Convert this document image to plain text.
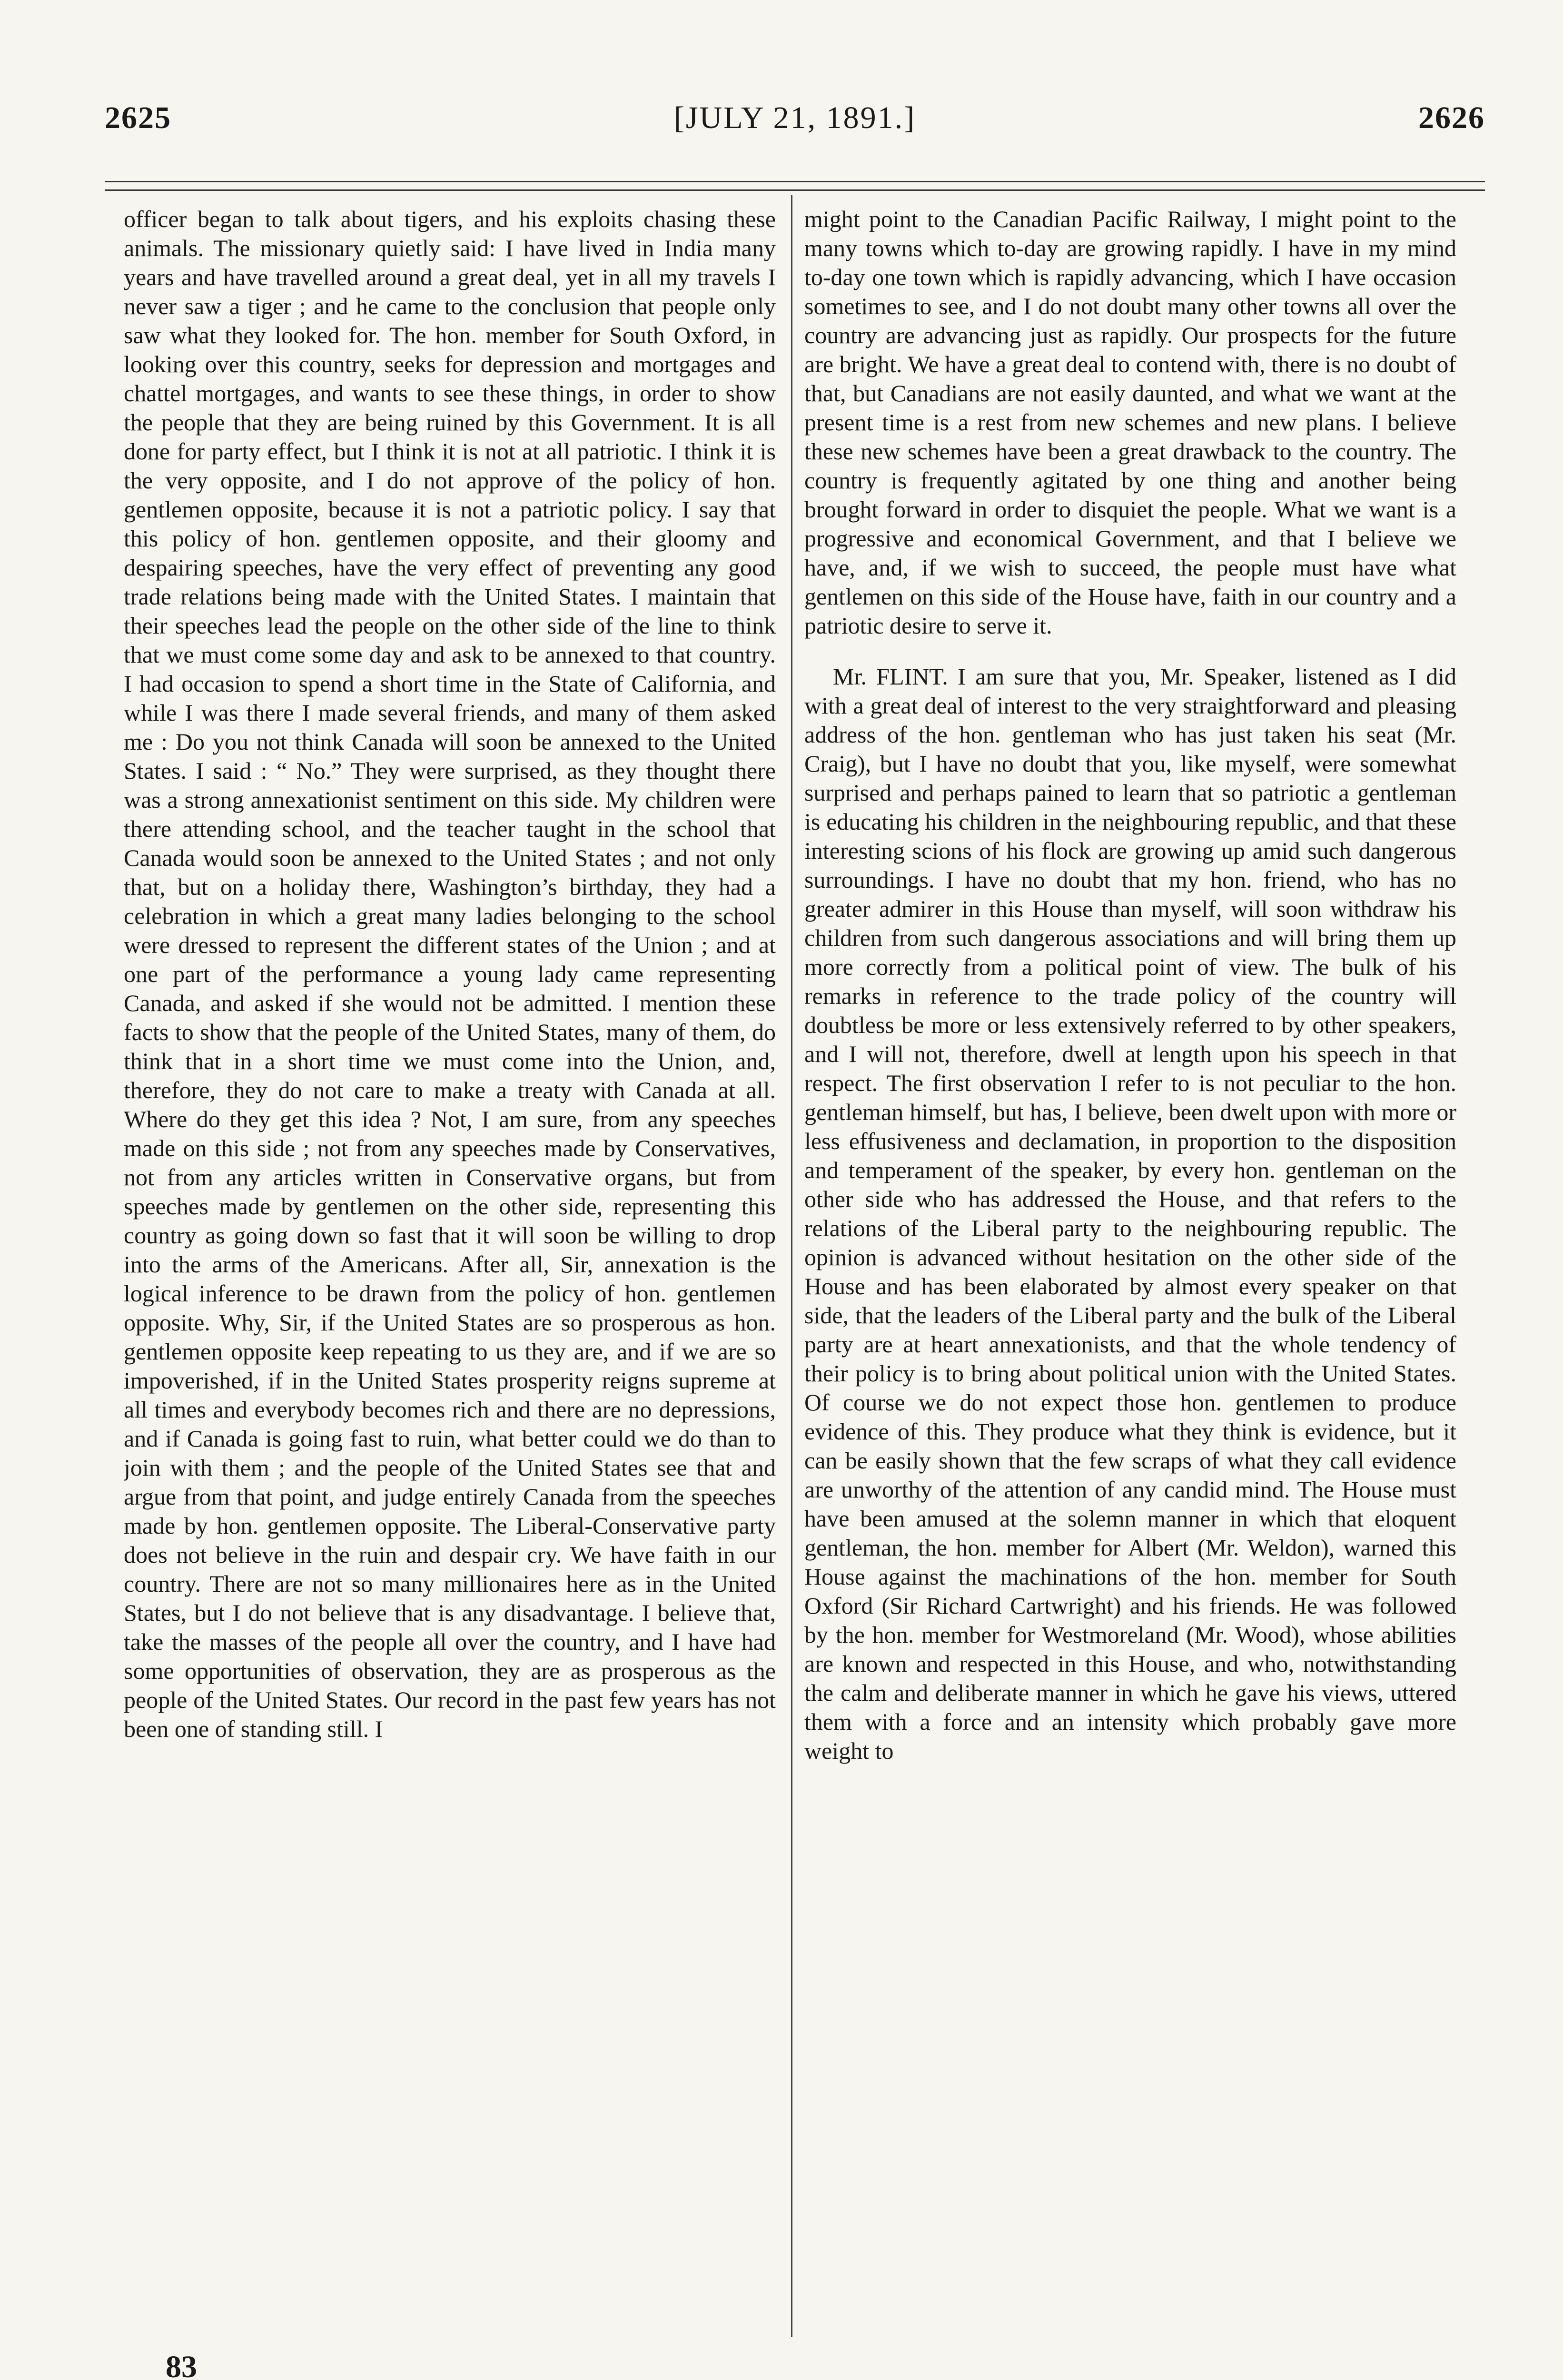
2625	[JULY 21, 1891.]	2626

officer began to talk about tigers, and his exploits chasing these animals. The missionary quietly said: I have lived in India many years and have travelled around a great deal, yet in all my travels I never saw a tiger ; and he came to the conclusion that people only saw what they looked for. The hon. member for South Oxford, in looking over this country, seeks for depression and mortgages and chattel mortgages, and wants to see these things, in order to show the people that they are being ruined by this Government. It is all done for party effect, but I think it is not at all patriotic. I think it is the very opposite, and I do not approve of the policy of hon. gentlemen opposite, because it is not a patriotic policy. I say that this policy of hon. gentlemen opposite, and their gloomy and despairing speeches, have the very effect of preventing any good trade relations being made with the United States. I maintain that their speeches lead the people on the other side of the line to think that we must come some day and ask to be annexed to that country. I had occasion to spend a short time in the State of California, and while I was there I made several friends, and many of them asked me : Do you not think Canada will soon be annexed to the United States. I said : “ No.” They were surprised, as they thought there was a strong annexationist sentiment on this side. My children were there attending school, and the teacher taught in the school that Canada would soon be annexed to the United States ; and not only that, but on a holiday there, Washington’s birthday, they had a celebration in which a great many ladies belonging to the school were dressed to represent the different states of the Union ; and at one part of the performance a young lady came representing Canada, and asked if she would not be admitted. I mention these facts to show that the people of the United States, many of them, do think that in a short time we must come into the Union, and, therefore, they do not care to make a treaty with Canada at all. Where do they get this idea ? Not, I am sure, from any speeches made on this side ; not from any speeches made by Conservatives, not from any articles written in Conservative organs, but from speeches made by gentlemen on the other side, representing this country as going down so fast that it will soon be willing to drop into the arms of the Americans. After all, Sir, annexation is the logical inference to be drawn from the policy of hon. gentlemen opposite. Why, Sir, if the United States are so prosperous as hon. gentlemen opposite keep repeating to us they are, and if we are so impoverished, if in the United States prosperity reigns supreme at all times and everybody becomes rich and there are no depressions, and if Canada is going fast to ruin, what better could we do than to join with them ; and the people of the United States see that and argue from that point, and judge entirely Canada from the speeches made by hon. gentlemen opposite. The Liberal-Conservative party does not believe in the ruin and despair cry. We have faith in our country. There are not so many millionaires here as in the United States, but I do not believe that is any disadvantage. I believe that, take the masses of the people all over the country, and I have had some opportunities of observation, they are as prosperous as the people of the United States. Our record in the past few years has not been one of standing still. I

might point to the Canadian Pacific Railway, I might point to the many towns which to-day are growing rapidly. I have in my mind to-day one town which is rapidly advancing, which I have occasion sometimes to see, and I do not doubt many other towns all over the country are advancing just as rapidly. Our prospects for the future are bright. We have a great deal to contend with, there is no doubt of that, but Canadians are not easily daunted, and what we want at the present time is a rest from new schemes and new plans. I believe these new schemes have been a great drawback to the country. The country is frequently agitated by one thing and another being brought forward in order to disquiet the people. What we want is a progressive and economical Government, and that I believe we have, and, if we wish to succeed, the people must have what gentlemen on this side of the House have, faith in our country and a patriotic desire to serve it.

Mr. FLINT. I am sure that you, Mr. Speaker, listened as I did with a great deal of interest to the very straightforward and pleasing address of the hon. gentleman who has just taken his seat (Mr. Craig), but I have no doubt that you, like myself, were somewhat surprised and perhaps pained to learn that so patriotic a gentleman is educating his children in the neighbouring republic, and that these interesting scions of his flock are growing up amid such dangerous surroundings. I have no doubt that my hon. friend, who has no greater admirer in this House than myself, will soon withdraw his children from such dangerous associations and will bring them up more correctly from a political point of view. The bulk of his remarks in reference to the trade policy of the country will doubtless be more or less extensively referred to by other speakers, and I will not, therefore, dwell at length upon his speech in that respect. The first observation I refer to is not peculiar to the hon. gentleman himself, but has, I believe, been dwelt upon with more or less effusiveness and declamation, in proportion to the disposition and temperament of the speaker, by every hon. gentleman on the other side who has addressed the House, and that refers to the relations of the Liberal party to the neighbouring republic. The opinion is advanced without hesitation on the other side of the House and has been elaborated by almost every speaker on that side, that the leaders of the Liberal party and the bulk of the Liberal party are at heart annexationists, and that the whole tendency of their policy is to bring about political union with the United States. Of course we do not expect those hon. gentlemen to produce evidence of this. They produce what they think is evidence, but it can be easily shown that the few scraps of what they call evidence are unworthy of the attention of any candid mind. The House must have been amused at the solemn manner in which that eloquent gentleman, the hon. member for Albert (Mr. Weldon), warned this House against the machinations of the hon. member for South Oxford (Sir Richard Cartwright) and his friends. He was followed by the hon. member for Westmoreland (Mr. Wood), whose abilities are known and respected in this House, and who, notwithstanding the calm and deliberate manner in which he gave his views, uttered them with a force and an intensity which probably gave more weight to

83
